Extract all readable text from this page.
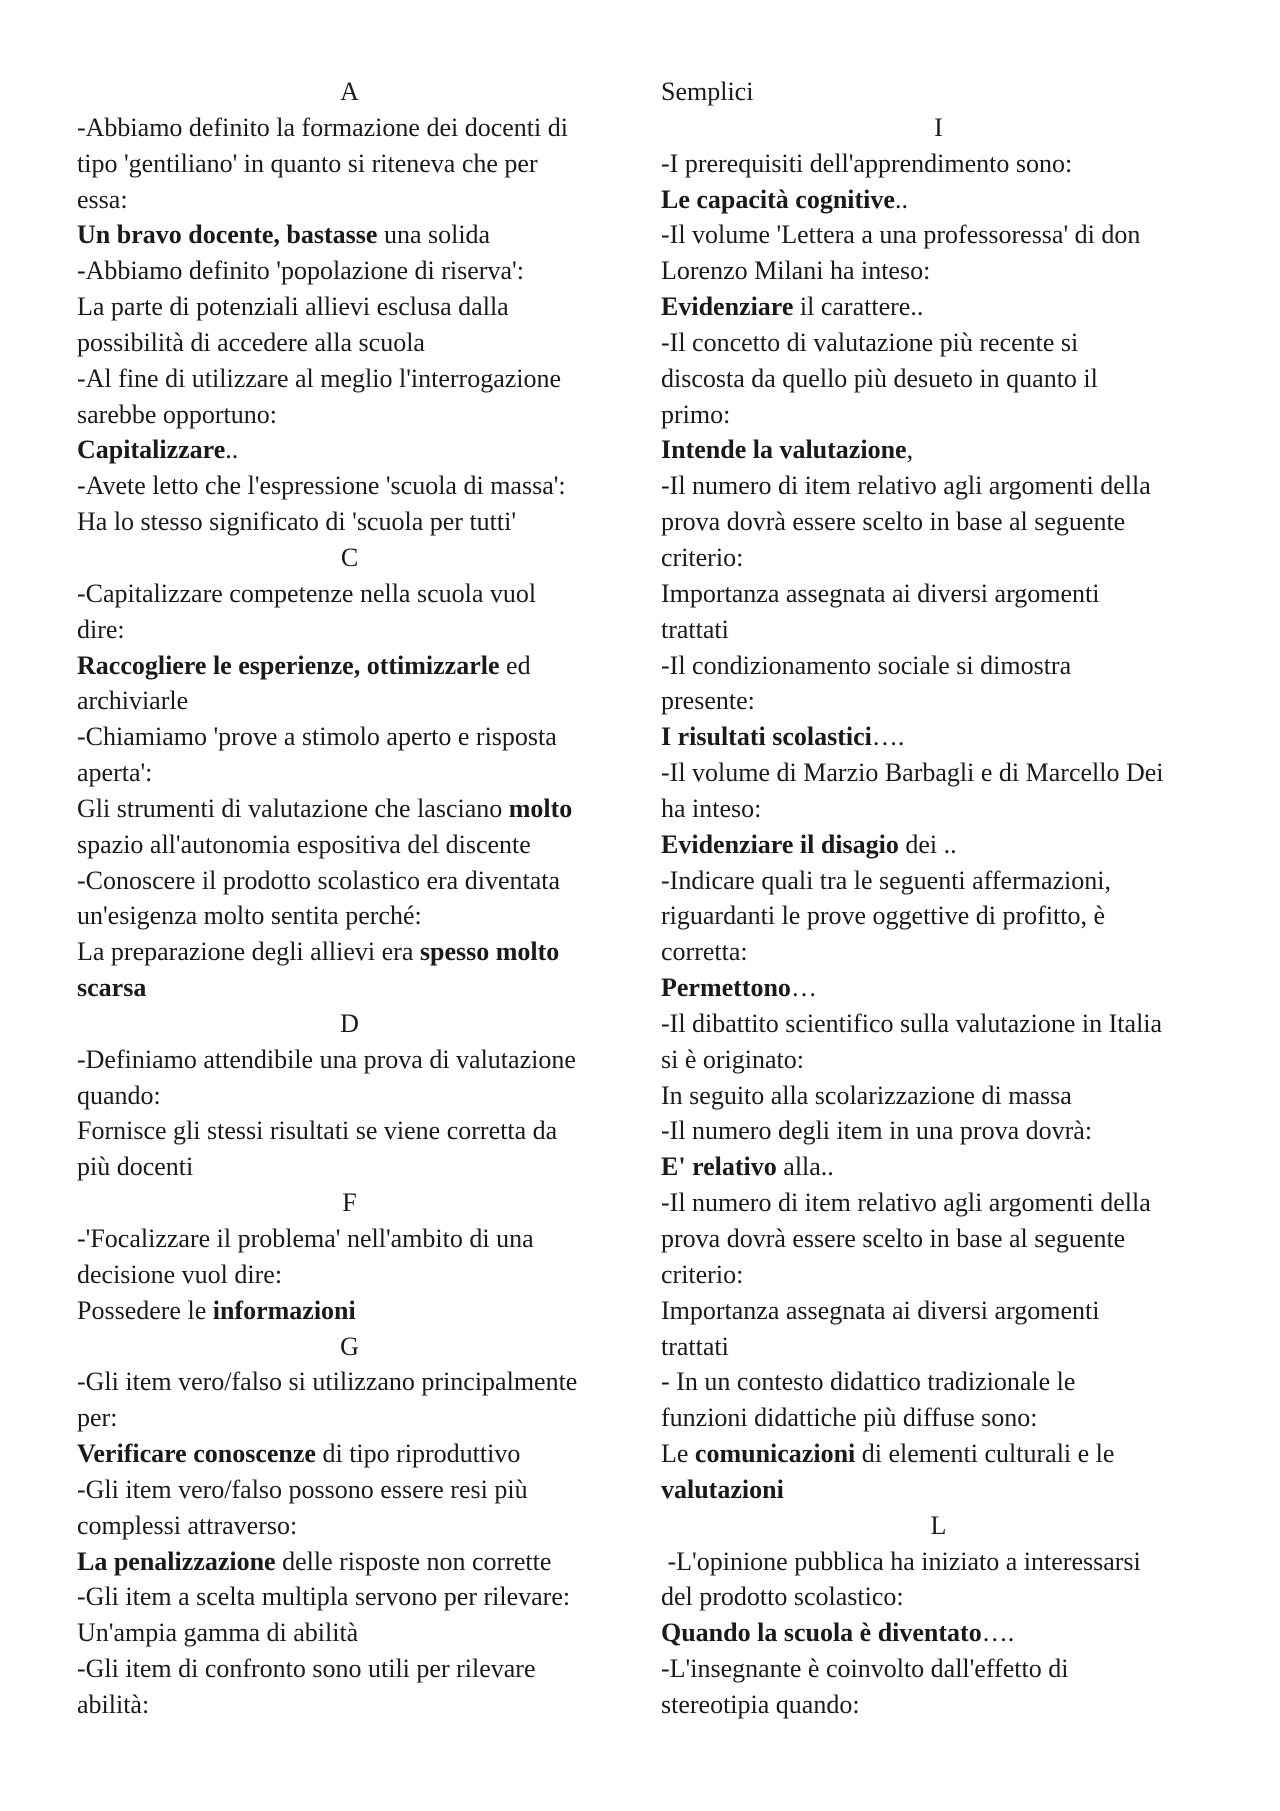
A
-Abbiamo definito la formazione dei docenti di
tipo 'gentiliano' in quanto si riteneva che per
essa:
Un bravo docente, bastasse una solida
-Abbiamo definito 'popolazione di riserva':
La parte di potenziali allievi esclusa dalla
possibilità di accedere alla scuola
-Al fine di utilizzare al meglio l'interrogazione
sarebbe opportuno:
Capitalizzare..
-Avete letto che l'espressione 'scuola di massa':
Ha lo stesso significato di 'scuola per tutti'
C
-Capitalizzare competenze nella scuola vuol
dire:
Raccogliere le esperienze, ottimizzarle ed
archiviarle
-Chiamiamo 'prove a stimolo aperto e risposta
aperta':
Gli strumenti di valutazione che lasciano molto
spazio all'autonomia espositiva del discente
-Conoscere il prodotto scolastico era diventata
un'esigenza molto sentita perché:
La preparazione degli allievi era spesso molto
scarsa
D
-Definiamo attendibile una prova di valutazione
quando:
Fornisce gli stessi risultati se viene corretta da
più docenti
F
-'Focalizzare il problema' nell'ambito di una
decisione vuol dire:
Possedere le informazioni
G
-Gli item vero/falso si utilizzano principalmente
per:
Verificare conoscenze di tipo riproduttivo
-Gli item vero/falso possono essere resi più
complessi attraverso:
La penalizzazione delle risposte non corrette
-Gli item a scelta multipla servono per rilevare:
Un'ampia gamma di abilità
-Gli item di confronto sono utili per rilevare
abilità:
Semplici
I
-I prerequisiti dell'apprendimento sono:
Le capacità cognitive..
-Il volume 'Lettera a una professoressa' di don
Lorenzo Milani ha inteso:
Evidenziare il carattere..
-Il concetto di valutazione più recente si
discosta da quello più desueto in quanto il
primo:
Intende la valutazione,
-Il numero di item relativo agli argomenti della
prova dovrà essere scelto in base al seguente
criterio:
Importanza assegnata ai diversi argomenti
trattati
-Il condizionamento sociale si dimostra
presente:
I risultati scolastici….
-Il volume di Marzio Barbagli e di Marcello Dei
ha inteso:
Evidenziare il disagio dei ..
-Indicare quali tra le seguenti affermazioni,
riguardanti le prove oggettive di profitto, è
corretta:
Permettono…
-Il dibattito scientifico sulla valutazione in Italia
si è originato:
In seguito alla scolarizzazione di massa
-Il numero degli item in una prova dovrà:
E' relativo alla..
-Il numero di item relativo agli argomenti della
prova dovrà essere scelto in base al seguente
criterio:
Importanza assegnata ai diversi argomenti
trattati
- In un contesto didattico tradizionale le
funzioni didattiche più diffuse sono:
Le comunicazioni di elementi culturali e le
valutazioni
L
-L'opinione pubblica ha iniziato a interessarsi
del prodotto scolastico:
Quando la scuola è diventato….
-L'insegnante è coinvolto dall'effetto di
stereotipia quando:
